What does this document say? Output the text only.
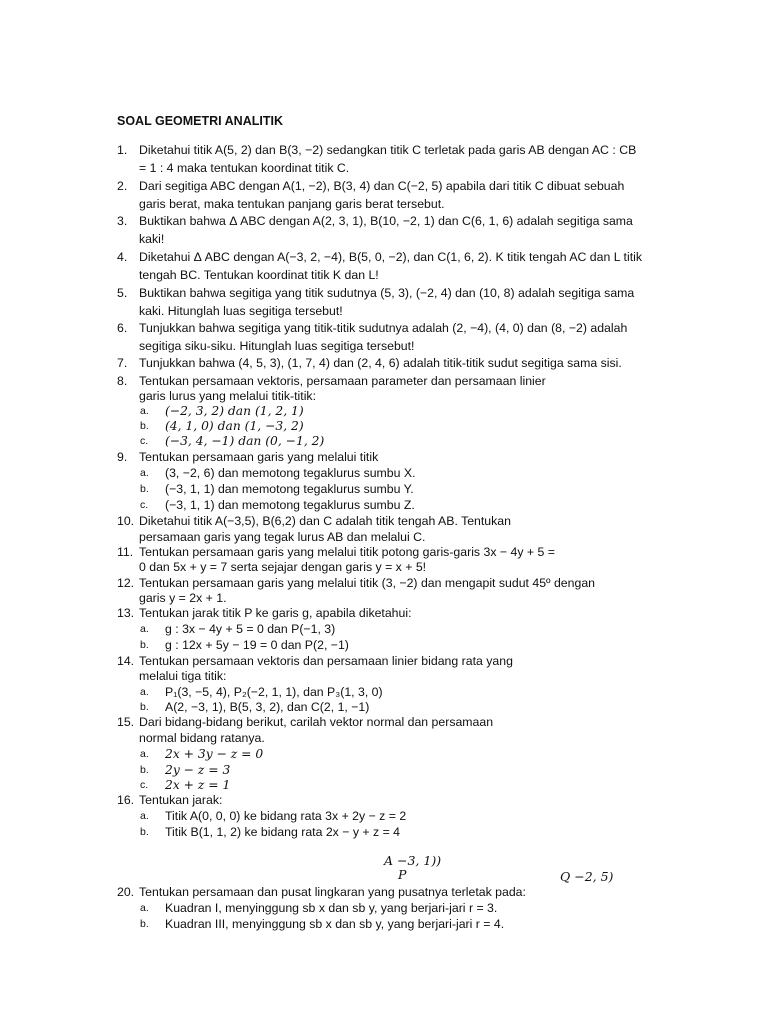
SOAL GEOMETRI ANALITIK
1. Diketahui titik A(5, 2) dan B(3, −2) sedangkan titik C terletak pada garis AB dengan AC : CB
= 1 : 4 maka tentukan koordinat titik C.
2. Dari segitiga ABC dengan A(1, −2), B(3, 4) dan C(−2, 5) apabila dari titik C dibuat sebuah
garis berat, maka tentukan panjang garis berat tersebut.
3. Buktikan bahwa Δ ABC dengan A(2, 3, 1), B(10, −2, 1) dan C(6, 1, 6) adalah segitiga sama
kaki!
4. Diketahui Δ ABC dengan A(−3, 2, −4), B(5, 0, −2), dan C(1, 6, 2). K titik tengah AC dan L titik
tengah BC. Tentukan koordinat titik K dan L!
5. Buktikan bahwa segitiga yang titik sudutnya (5, 3), (−2, 4) dan (10, 8) adalah segitiga sama
kaki. Hitunglah luas segitiga tersebut!
6. Tunjukkan bahwa segitiga yang titik-titik sudutnya adalah (2, −4), (4, 0) dan (8, −2) adalah
segitiga siku-siku. Hitunglah luas segitiga tersebut!
7. Tunjukkan bahwa (4, 5, 3), (1, 7, 4) dan (2, 4, 6) adalah titik-titik sudut segitiga sama sisi.
8. Tentukan persamaan vektoris, persamaan parameter dan persamaan linier
garis lurus yang melalui titik-titik:
a. (−2, 3, 2) dan (1, 2, 1)
b. (4, 1, 0) dan (1, −3, 2)
c. (−3, 4, −1) dan (0, −1, 2)
9. Tentukan persamaan garis yang melalui titik
a. (3, −2, 6) dan memotong tegaklurus sumbu X.
b. (−3, 1, 1) dan memotong tegaklurus sumbu Y.
c. (−3, 1, 1) dan memotong tegaklurus sumbu Z.
10. Diketahui titik A(−3,5), B(6,2) dan C adalah titik tengah AB. Tentukan
persamaan garis yang tegak lurus AB dan melalui C.
11. Tentukan persamaan garis yang melalui titik potong garis-garis 3x − 4y + 5 =
0 dan 5x + y = 7 serta sejajar dengan garis y = x + 5!
12. Tentukan persamaan garis yang melalui titik (3, −2) dan mengapit sudut 45º dengan
garis y = 2x + 1.
13. Tentukan jarak titik P ke garis g, apabila diketahui:
a. g : 3x − 4y + 5 = 0 dan P(−1, 3)
b. g : 12x + 5y − 19 = 0 dan P(2, −1)
14. Tentukan persamaan vektoris dan persamaan linier bidang rata yang
melalui tiga titik:
a. P₁(3, −5, 4), P₂(−2, 1, 1), dan P₃(1, 3, 0)
b. A(2, −3, 1), B(5, 3, 2), dan C(2, 1, −1)
15. Dari bidang-bidang berikut, carilah vektor normal dan persamaan
normal bidang ratanya.
a. 2x + 3y − z = 0
b. 2y − z = 3
c. 2x + z = 1
16. Tentukan jarak:
a. Titik A(0, 0, 0) ke bidang rata 3x + 2y − z = 2
b. Titik B(1, 1, 2) ke bidang rata 2x − y + z = 4
A −3, 1))
P	Q −2, 5)
20. Tentukan persamaan dan pusat lingkaran yang pusatnya terletak pada:
a. Kuadran I, menyinggung sb x dan sb y, yang berjari-jari r = 3.
b. Kuadran III, menyinggung sb x dan sb y, yang berjari-jari r = 4.
